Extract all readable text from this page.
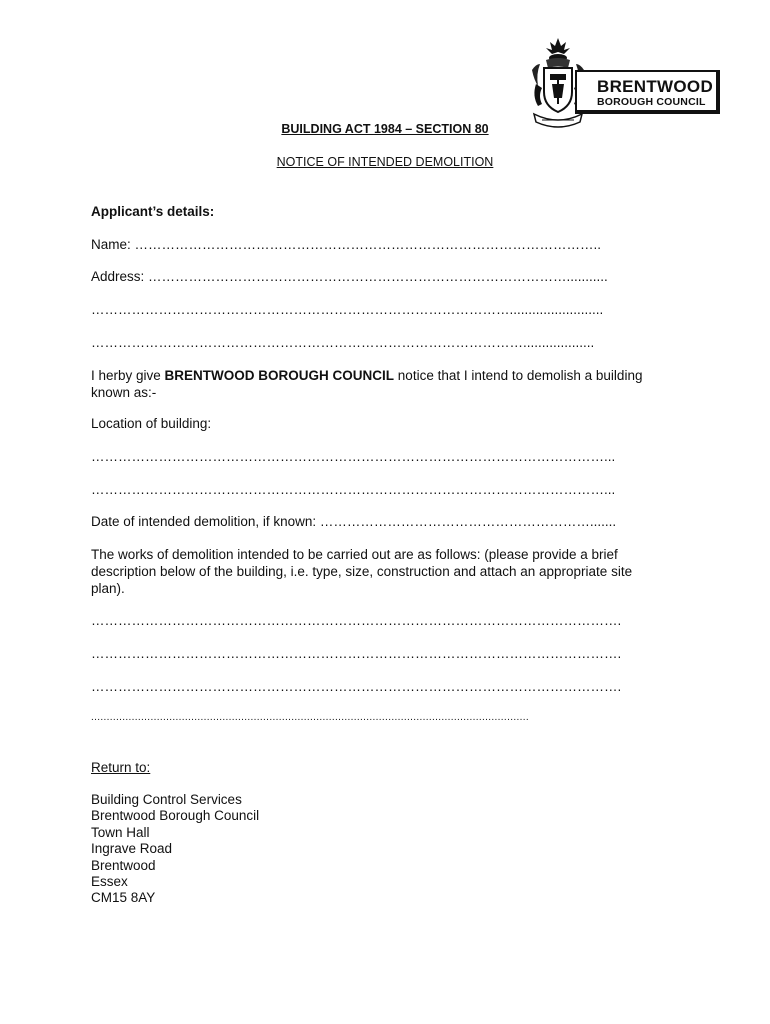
BRENTWOOD
BOROUGH COUNCIL
BUILDING ACT 1984 – SECTION 80
NOTICE OF INTENDED DEMOLITION
Applicant’s details:
Name: …………………………………………………………………………………………..
Address: …………………………………………………………………………………...........
………………………………………………………………………………….........................
……………………………………………………………………………………...................
I herby give BRENTWOOD BOROUGH COUNCIL notice that I intend to demolish a building known as:-
Location of building:
……………………………………………………………………………………………………...
……………………………………………………………………………………………………...
Date of intended demolition, if known: …………………………………………………….......
The works of demolition intended to be carried out are as follows: (please provide a brief description below of the building, i.e. type, size, construction and attach an appropriate site plan).
……………………………………………………………………………………………………….
……………………………………………………………………………………………………….
……………………………………………………………………………………………………….
............................................................................................................................................
Return to:
Building Control Services
Brentwood Borough Council
Town Hall
Ingrave Road
Brentwood
Essex
CM15 8AY
